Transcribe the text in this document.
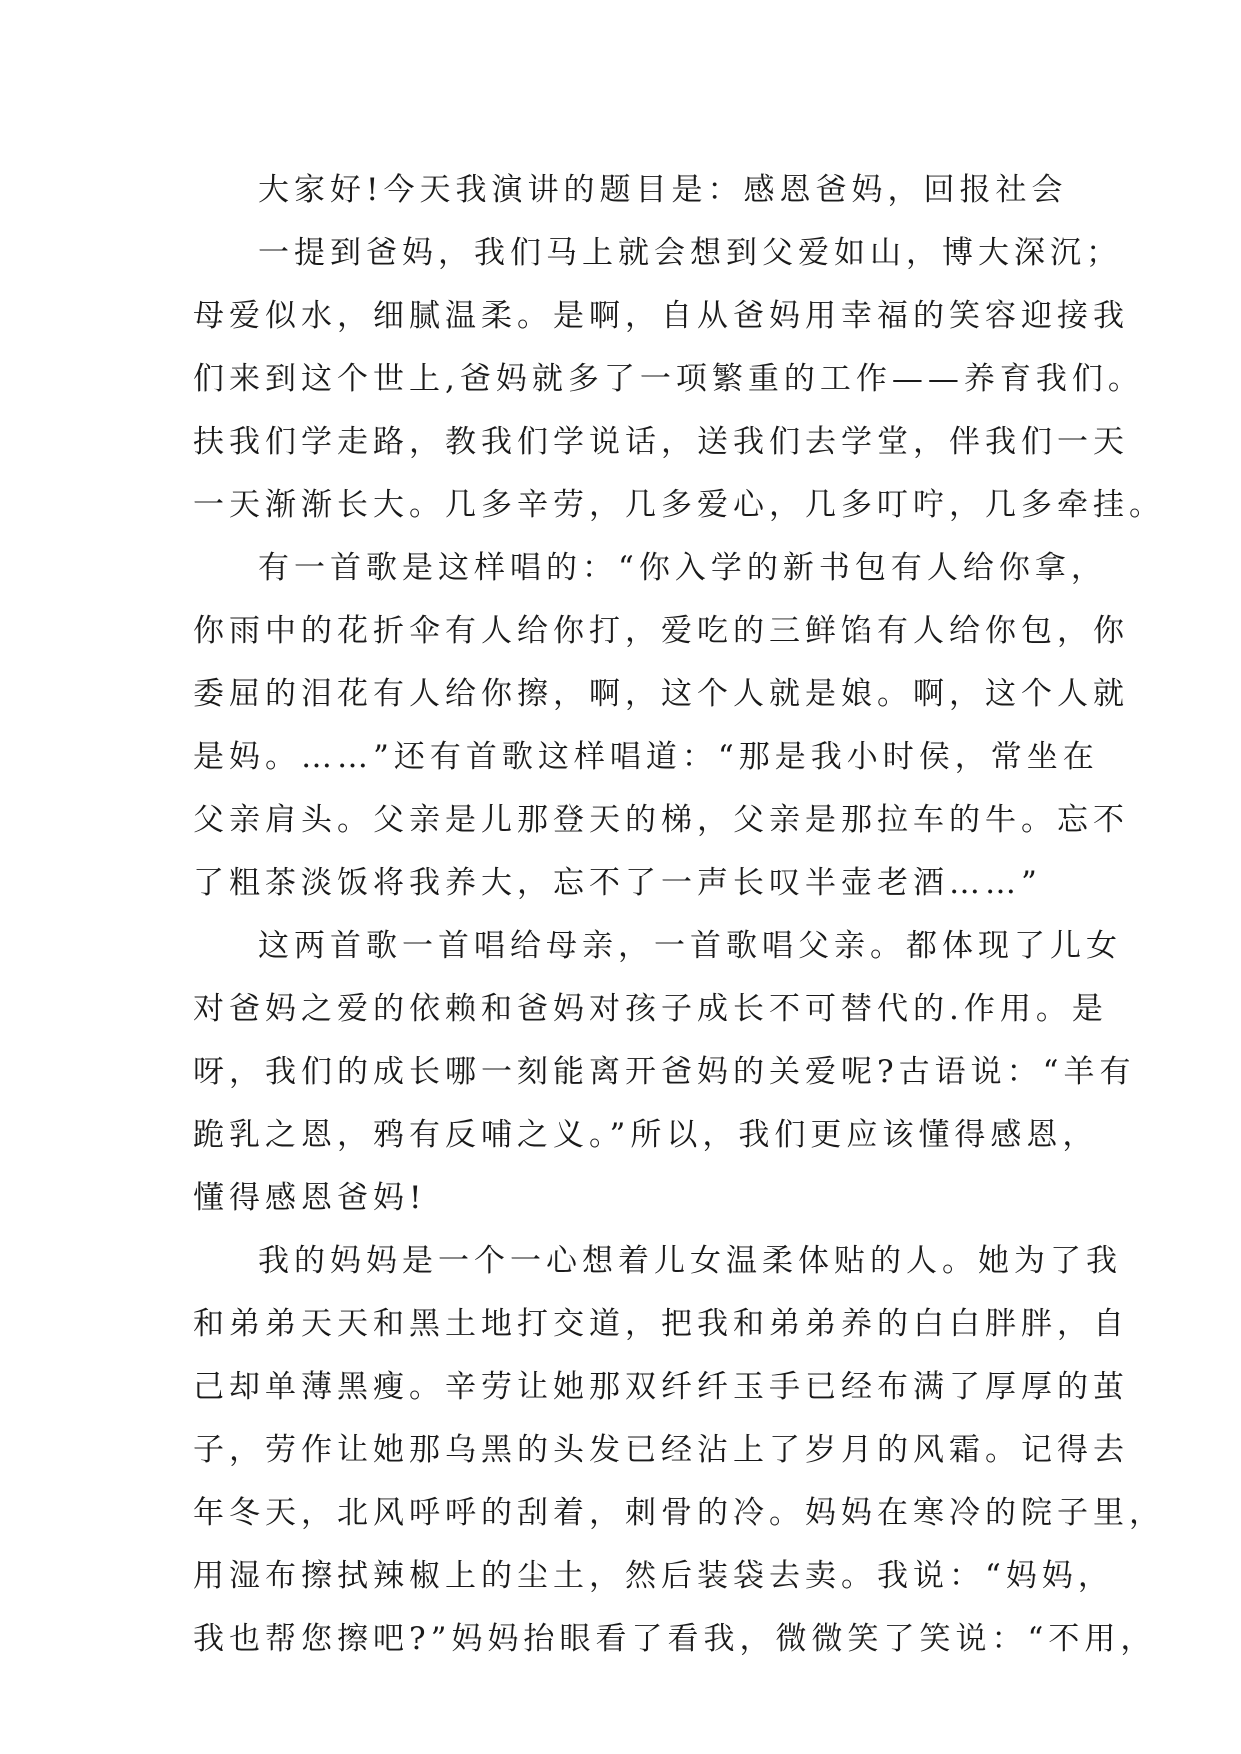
大家好!今天我演讲的题目是：感恩爸妈，回报社会
一提到爸妈，我们马上就会想到父爱如山，博大深沉；
母爱似水，细腻温柔。是啊，自从爸妈用幸福的笑容迎接我
们来到这个世上,爸妈就多了一项繁重的工作——养育我们。
扶我们学走路，教我们学说话，送我们去学堂，伴我们一天
一天渐渐长大。几多辛劳，几多爱心，几多叮咛，几多牵挂。
有一首歌是这样唱的：“你入学的新书包有人给你拿，
你雨中的花折伞有人给你打，爱吃的三鲜馅有人给你包，你
委屈的泪花有人给你擦，啊，这个人就是娘。啊，这个人就
是妈。……”还有首歌这样唱道：“那是我小时侯，常坐在
父亲肩头。父亲是儿那登天的梯，父亲是那拉车的牛。忘不
了粗茶淡饭将我养大，忘不了一声长叹半壶老酒……”
这两首歌一首唱给母亲，一首歌唱父亲。都体现了儿女
对爸妈之爱的依赖和爸妈对孩子成长不可替代的.作用。是
呀，我们的成长哪一刻能离开爸妈的关爱呢?古语说：“羊有
跪乳之恩，鸦有反哺之义。”所以，我们更应该懂得感恩，
懂得感恩爸妈!
我的妈妈是一个一心想着儿女温柔体贴的人。她为了我
和弟弟天天和黑土地打交道，把我和弟弟养的白白胖胖，自
己却单薄黑瘦。辛劳让她那双纤纤玉手已经布满了厚厚的茧
子，劳作让她那乌黑的头发已经沾上了岁月的风霜。记得去
年冬天，北风呼呼的刮着，刺骨的冷。妈妈在寒冷的院子里，
用湿布擦拭辣椒上的尘土，然后装袋去卖。我说：“妈妈，
我也帮您擦吧?”妈妈抬眼看了看我，微微笑了笑说：“不用，
